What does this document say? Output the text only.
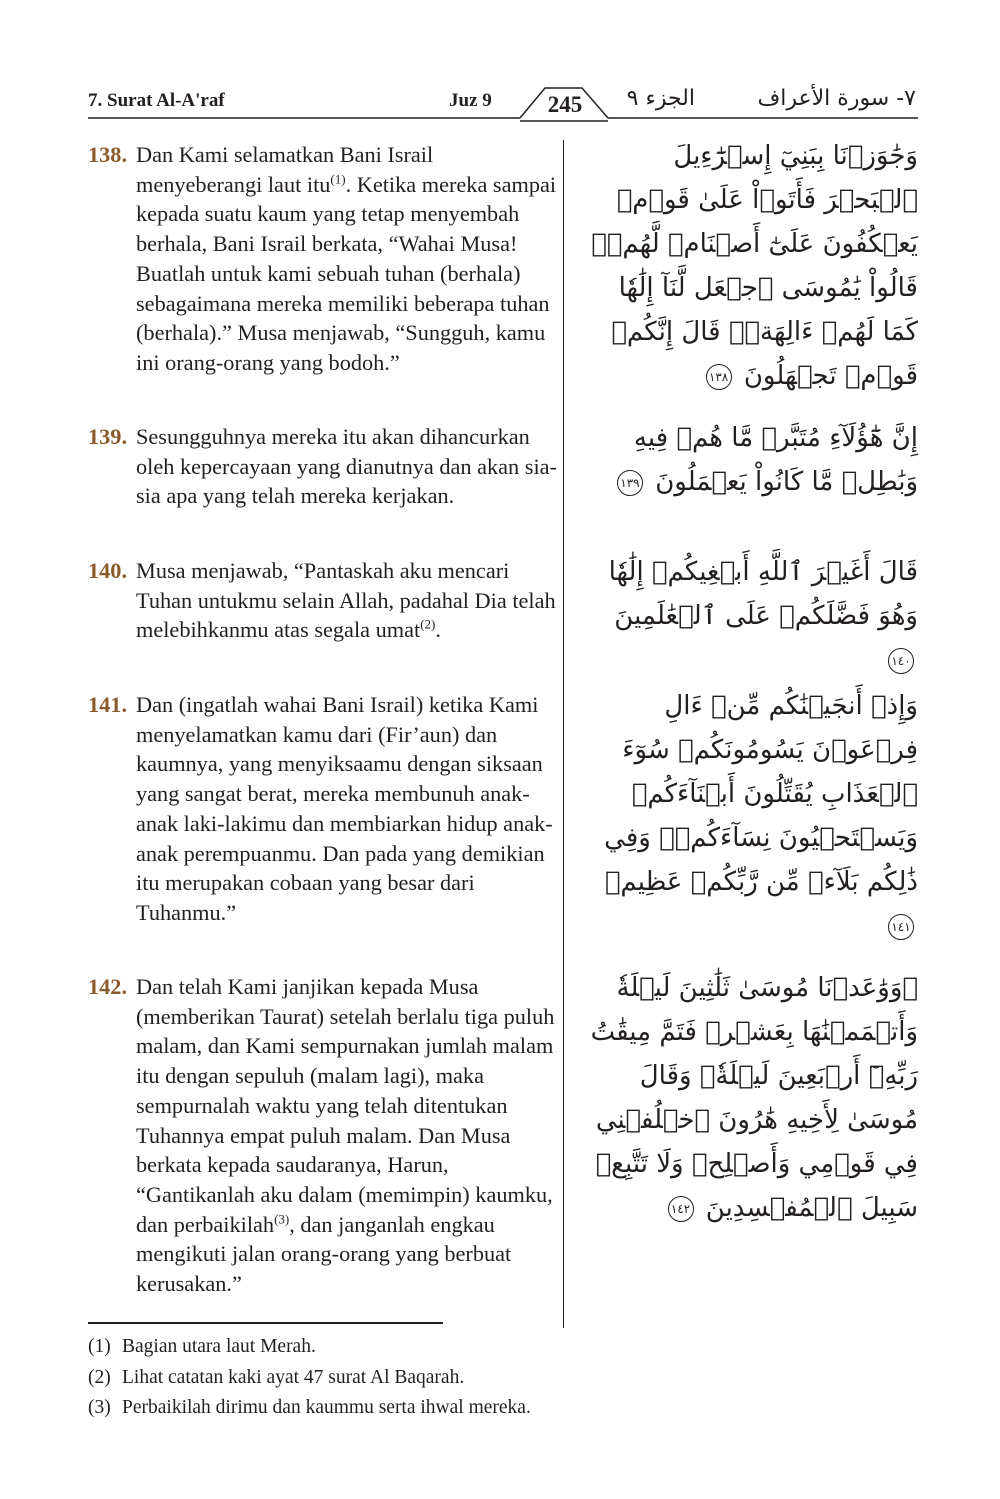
7. Surat Al-A'raf	Juz 9	245	الجزء ٩	٧- سورة الأعراف
138. Dan Kami selamatkan Bani Israil menyeberangi laut itu$^{(1)}$. Ketika mereka sampai kepada suatu kaum yang tetap menyembah berhala, Bani Israil berkata, “Wahai Musa! Buatlah untuk kami sebuah tuhan (berhala) sebagaimana mereka memiliki beberapa tuhan (berhala).” Musa menjawab, “Sungguh, kamu ini orang-orang yang bodoh.”
وَجَٰوَزۡنَا بِبَنِيٓ إِسۡرَٰٓءِيلَ ٱلۡبَحۡرَ فَأَتَوۡاْ عَلَىٰ قَوۡمٖ يَعۡكُفُونَ عَلَىٰٓ أَصۡنَامٖ لَّهُمۡۚ قَالُواْ يَٰمُوسَى ٱجۡعَل لَّنَآ إِلَٰهٗا كَمَا لَهُمۡ ءَالِهَةٞۚ قَالَ إِنَّكُمۡ قَوۡمٞ تَجۡهَلُونَ ١٣٨
139. Sesungguhnya mereka itu akan dihancurkan oleh kepercayaan yang dianutnya dan akan sia-sia apa yang telah mereka kerjakan.
إِنَّ هَٰٓؤُلَآءِ مُتَبَّرٞ مَّا هُمۡ فِيهِ وَبَٰطِلٞ مَّا كَانُواْ يَعۡمَلُونَ ١٣٩
140. Musa menjawab, “Pantaskah aku mencari Tuhan untukmu selain Allah, padahal Dia telah melebihkanmu atas segala umat$^{(2)}$.
قَالَ أَغَيۡرَ ٱللَّهِ أَبۡغِيكُمۡ إِلَٰهٗا وَهُوَ فَضَّلَكُمۡ عَلَى ٱلۡعَٰلَمِينَ ١٤٠
141. Dan (ingatlah wahai Bani Israil) ketika Kami menyelamatkan kamu dari (Fir’aun) dan kaumnya, yang menyiksaamu dengan siksaan yang sangat berat, mereka membunuh anak-anak laki-lakimu dan membiarkan hidup anak-anak perempuanmu. Dan pada yang demikian itu merupakan cobaan yang besar dari Tuhanmu.”
وَإِذۡ أَنجَيۡنَٰكُم مِّنۡ ءَالِ فِرۡعَوۡنَ يَسُومُونَكُمۡ سُوٓءَ ٱلۡعَذَابِ يُقَتِّلُونَ أَبۡنَآءَكُمۡ وَيَسۡتَحۡيُونَ نِسَآءَكُمۡۚ وَفِي ذَٰلِكُم بَلَآءٞ مِّن رَّبِّكُمۡ عَظِيمٞ ١٤١
142. Dan telah Kami janjikan kepada Musa (memberikan Taurat) setelah berlalu tiga puluh malam, dan Kami sempurnakan jumlah malam itu dengan sepuluh (malam lagi), maka sempurnalah waktu yang telah ditentukan Tuhannya empat puluh malam. Dan Musa berkata kepada saudaranya, Harun, “Gantikanlah aku dalam (memimpin) kaumku, dan perbaikilah$^{(3)}$, dan janganlah engkau mengikuti jalan orang-orang yang berbuat kerusakan.”
۞وَوَٰعَدۡنَا مُوسَىٰ ثَلَٰثِينَ لَيۡلَةٗ وَأَتۡمَمۡنَٰهَا بِعَشۡرٖ فَتَمَّ مِيقَٰتُ رَبِّهِۦٓ أَرۡبَعِينَ لَيۡلَةٗۚ وَقَالَ مُوسَىٰ لِأَخِيهِ هَٰرُونَ ٱخۡلُفۡنِي فِي قَوۡمِي وَأَصۡلِحۡ وَلَا تَتَّبِعۡ سَبِيلَ ٱلۡمُفۡسِدِينَ ١٤٢
(1) Bagian utara laut Merah.
(2) Lihat catatan kaki ayat 47 surat Al Baqarah.
(3) Perbaikilah dirimu dan kaummu serta ihwal mereka.
